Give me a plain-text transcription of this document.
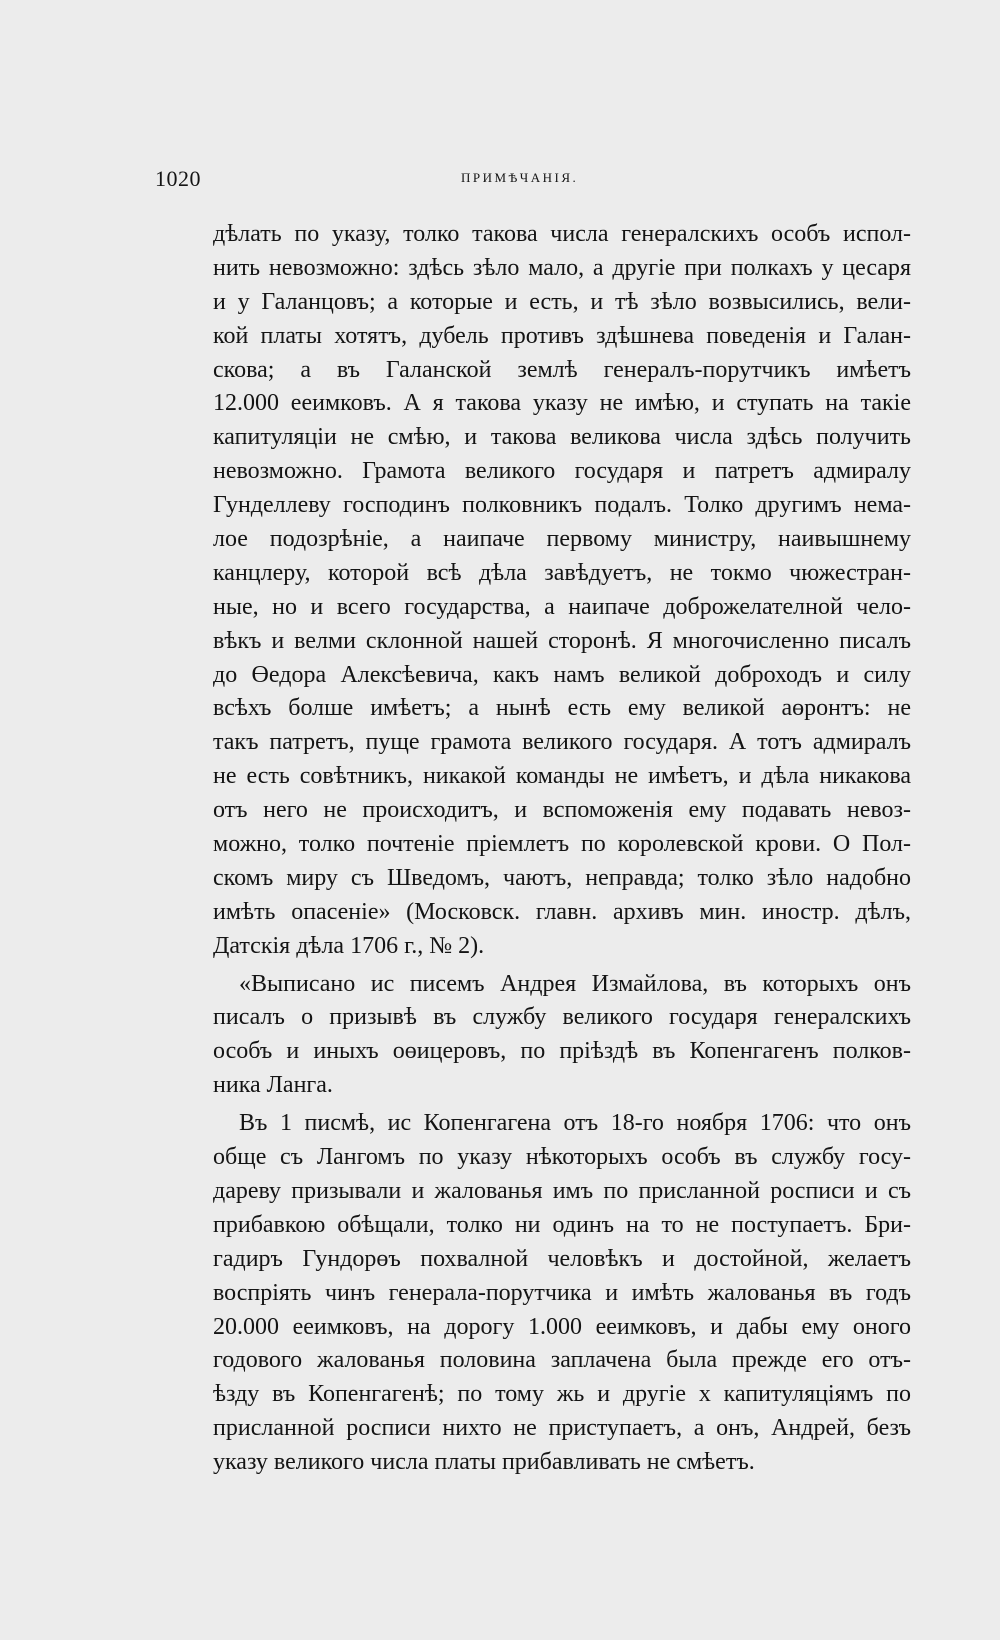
1020	ПРИМѢЧАНІЯ.
дѣлать по указу, толко такова числа генералскихъ особъ испол-
нить невозможно: здѣсь зѣло мало, а другіе при полкахъ у цесаря
и у Галанцовъ; а которые и есть, и тѣ зѣло возвысились, вели-
кой платы хотятъ, дубель противъ здѣшнева поведенія и Галан-
скова; а въ Галанской землѣ генералъ-порутчикъ имѣетъ
12.000 ееимковъ. А я такова указу не имѣю, и ступать на такіе
капитуляціи не смѣю, и такова великова числа здѣсь получить
невозможно. Грамота великого государя и патретъ адмиралу
Гунделлеву господинъ полковникъ подалъ. Толко другимъ нема-
лое подозрѣніе, а наипаче первому министру, наивышнему
канцлеру, которой всѣ дѣла завѣдуетъ, не токмо чюжестран-
ные, но и всего государства, а наипаче доброжелателной чело-
вѣкъ и велми склонной нашей сторонѣ. Я многочисленно писалъ
до Өедора Алексѣевича, какъ намъ великой доброходъ и силу
всѣхъ болше имѣетъ; а нынѣ есть ему великой аөронтъ: не
такъ патретъ, пуще грамота великого государя. А тотъ адмиралъ
не есть совѣтникъ, никакой команды не имѣетъ, и дѣла никакова
отъ него не происходитъ, и вспоможенія ему подавать невоз-
можно, толко почтеніе пріемлетъ по королевской крови. О Пол-
скомъ миру съ Шведомъ, чаютъ, неправда; толко зѣло надобно
имѣть опасеніе» (Московск. главн. архивъ мин. иностр. дѣлъ,
Датскія дѣла 1706 г., № 2).
«Выписано ис писемъ Андрея Измайлова, въ которыхъ онъ
писалъ о призывѣ въ службу великого государя генералскихъ
особъ и иныхъ оөицеровъ, по пріѣздѣ въ Копенгагенъ полков-
ника Ланга.
Въ 1 писмѣ, ис Копенгагена отъ 18-го ноября 1706: что онъ
обще съ Лангомъ по указу нѣкоторыхъ особъ въ службу госу-
дареву призывали и жалованья имъ по присланной росписи и съ
прибавкою обѣщали, толко ни одинъ на то не поступаетъ. Бри-
гадиръ Гундорөъ похвалной человѣкъ и достойной, желаетъ
воспріять чинъ генерала-порутчика и имѣть жалованья въ годъ
20.000 ееимковъ, на дорогу 1.000 ееимковъ, и дабы ему оного
годового жалованья половина заплачена была прежде его отъ-
ѣзду въ Копенгагенѣ; по тому жь и другіе х капитуляціямъ по
присланной росписи нихто не приступаетъ, а онъ, Андрей, безъ
указу великого числа платы прибавливать не смѣетъ.
